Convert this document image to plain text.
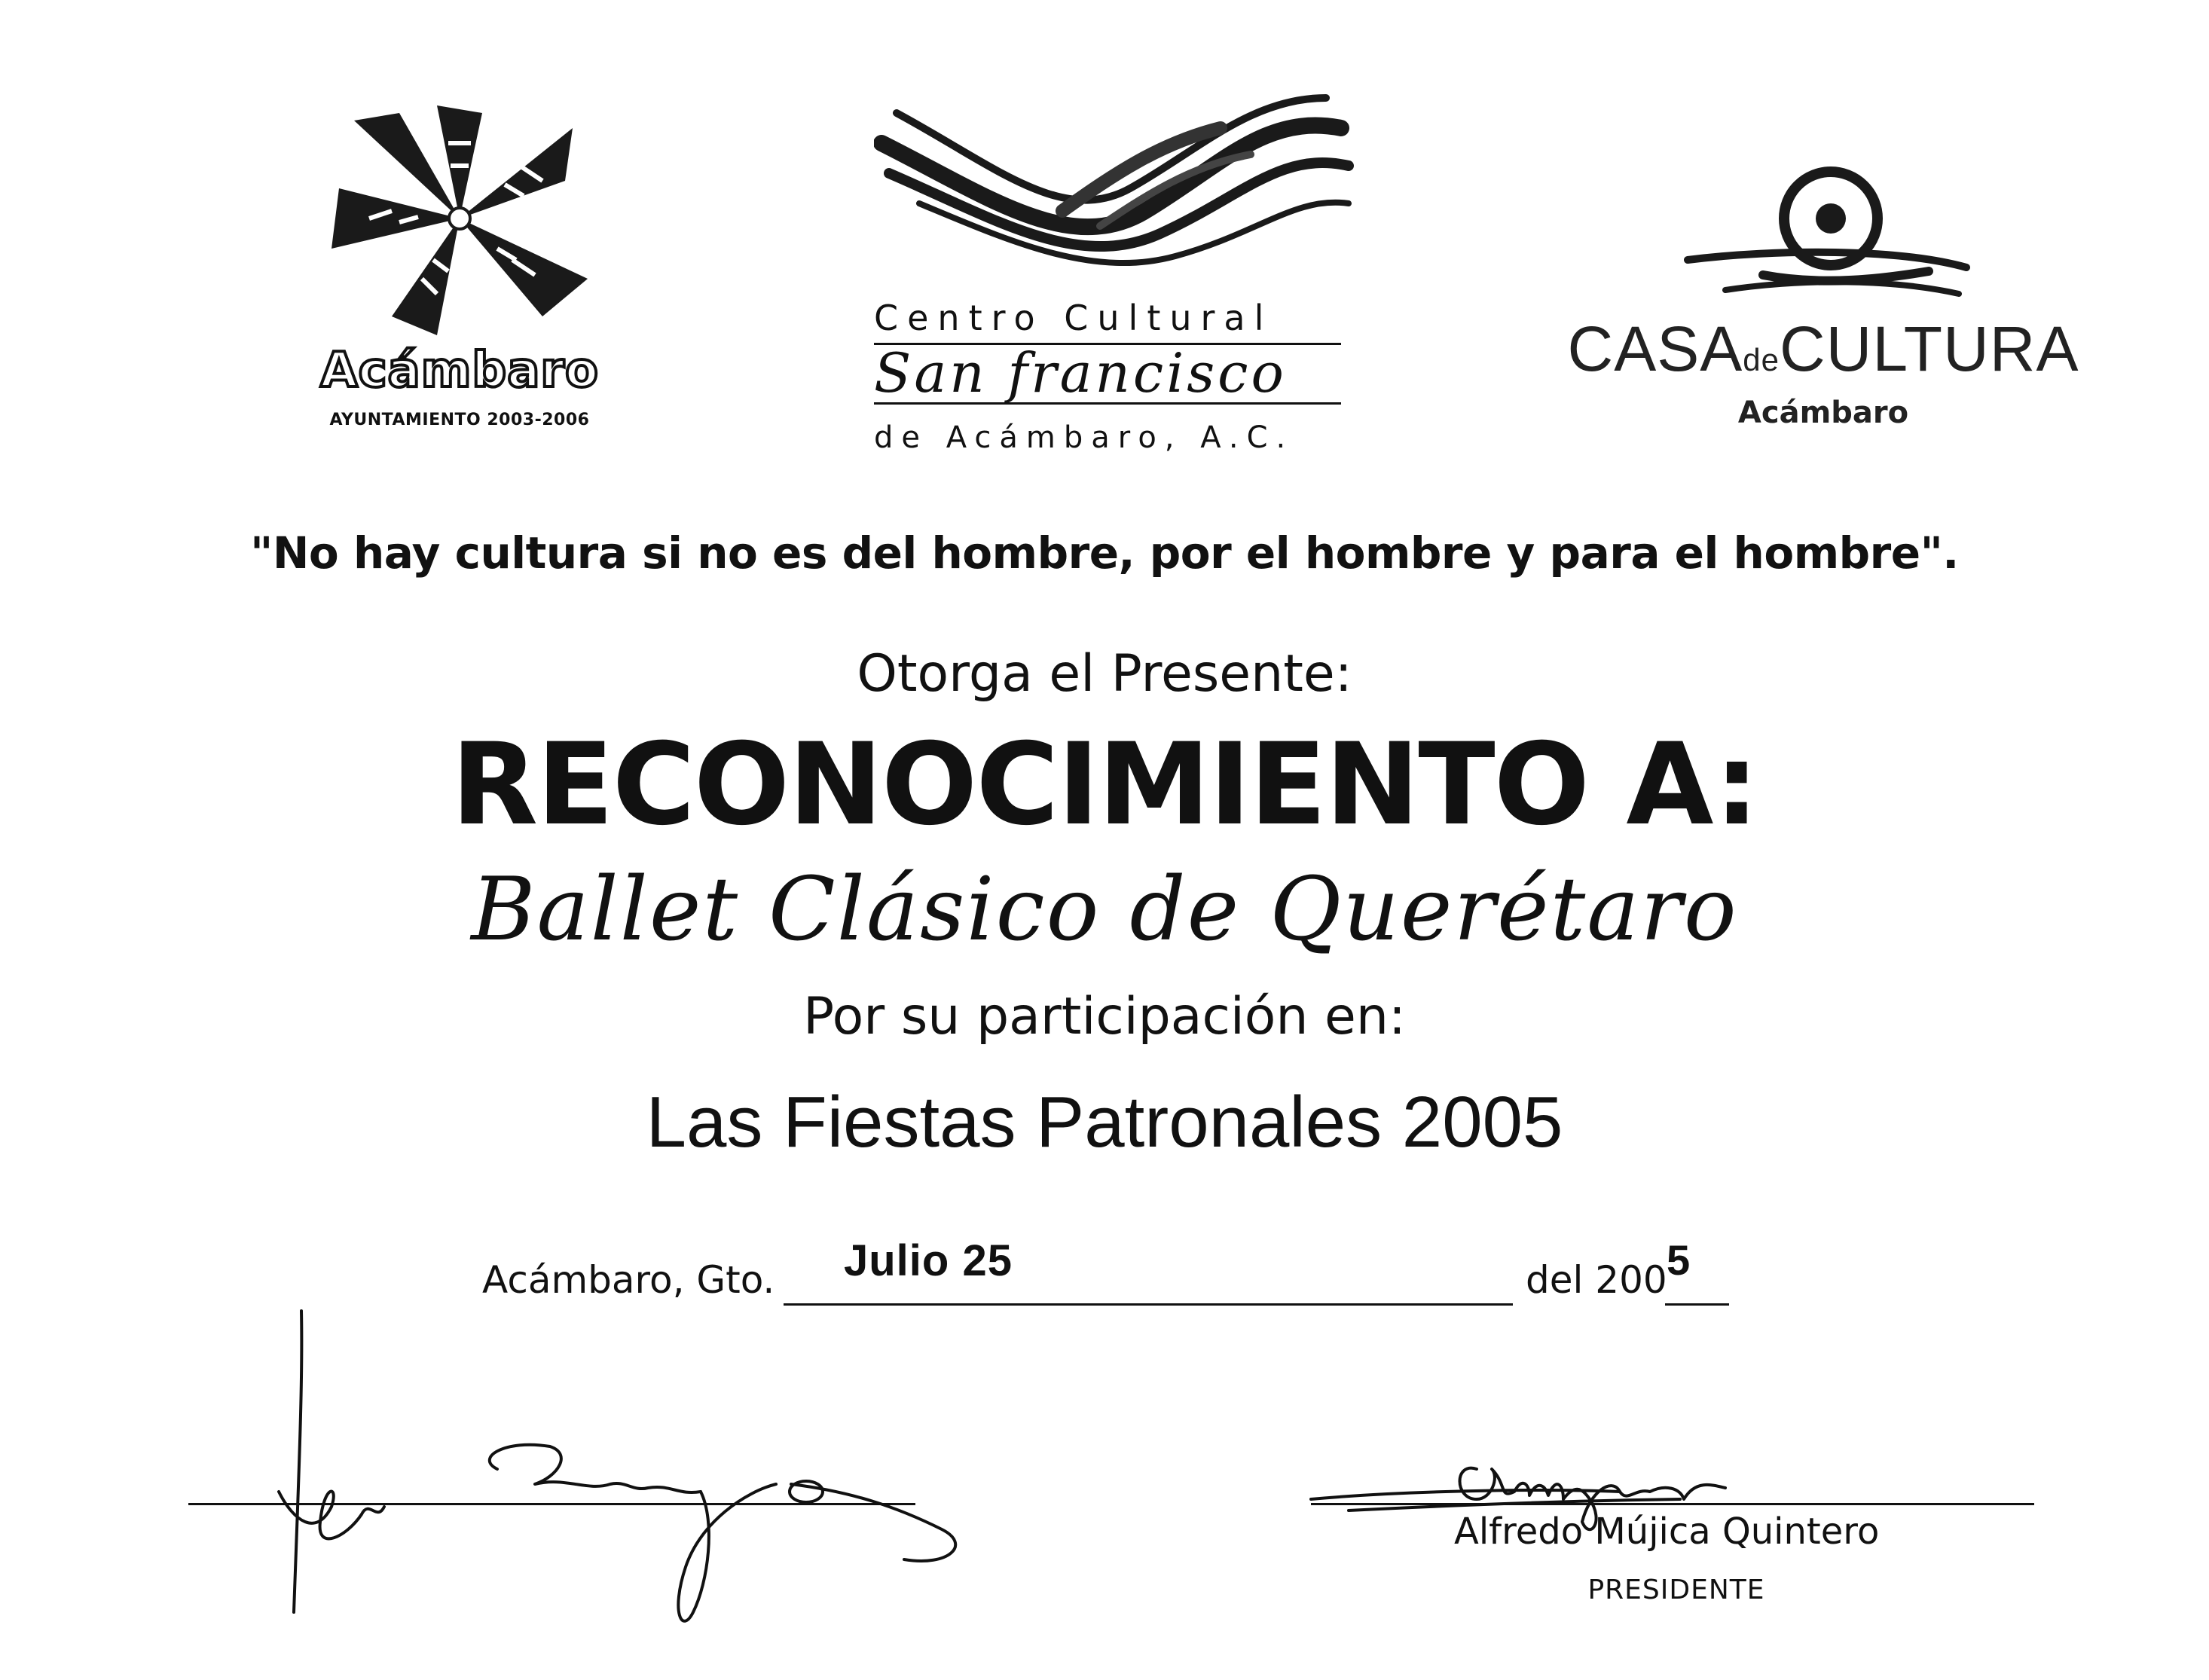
Acámbaro
AYUNTAMIENTO 2003-2006
Centro Cultural
San francisco
de Acámbaro, A.C.
CASAdeCULTURA
Acámbaro
"No hay cultura si no es del hombre, por el hombre y para el hombre".
Otorga el Presente:
RECONOCIMIENTO A:
Ballet Clásico de Querétaro
Por su participación en:
Las Fiestas Patronales 2005
Acámbaro, Gto. Julio 25	del 200 5
Alfredo Mújica Quintero
PRESIDENTE
